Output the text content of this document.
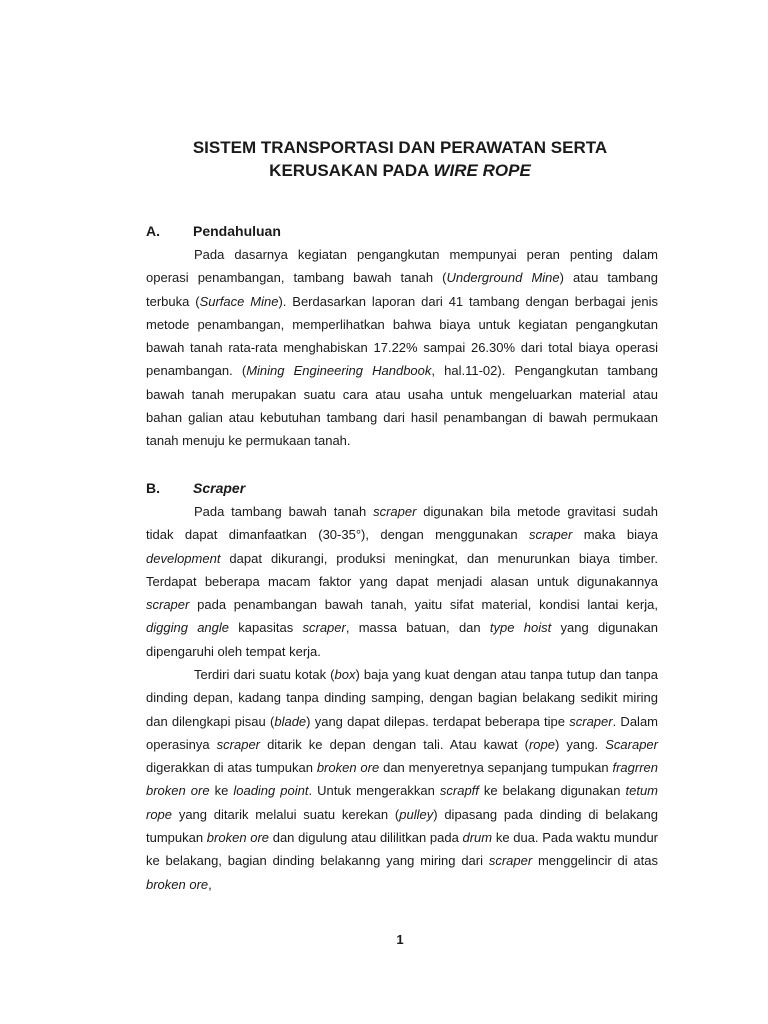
SISTEM TRANSPORTASI DAN PERAWATAN SERTA
KERUSAKAN PADA WIRE ROPE
A. Pendahuluan
Pada dasarnya kegiatan pengangkutan mempunyai peran penting dalam operasi penambangan, tambang bawah tanah (Underground Mine) atau tambang terbuka (Surface Mine). Berdasarkan laporan dari 41 tambang dengan berbagai jenis metode penambangan, memperlihatkan bahwa biaya untuk kegiatan pengangkutan bawah tanah rata-rata menghabiskan 17.22% sampai 26.30% dari total biaya operasi penambangan. (Mining Engineering Handbook, hal.11-02). Pengangkutan tambang bawah tanah merupakan suatu cara atau usaha untuk mengeluarkan material atau bahan galian atau kebutuhan tambang dari hasil penambangan di bawah permukaan tanah menuju ke permukaan tanah.
B. Scraper
Pada tambang bawah tanah scraper digunakan bila metode gravitasi sudah tidak dapat dimanfaatkan (30-35°), dengan menggunakan scraper maka biaya development dapat dikurangi, produksi meningkat, dan menurunkan biaya timber. Terdapat beberapa macam faktor yang dapat menjadi alasan untuk digunakannya scraper pada penambangan bawah tanah, yaitu sifat material, kondisi lantai kerja, digging angle kapasitas scraper, massa batuan, dan type hoist yang digunakan dipengaruhi oleh tempat kerja.
Terdiri dari suatu kotak (box) baja yang kuat dengan atau tanpa tutup dan tanpa dinding depan, kadang tanpa dinding samping, dengan bagian belakang sedikit miring dan dilengkapi pisau (blade) yang dapat dilepas. terdapat beberapa tipe scraper. Dalam operasinya scraper ditarik ke depan dengan tali. Atau kawat (rope) yang. Scaraper digerakkan di atas tumpukan broken ore dan menyeretnya sepanjang tumpukan fragrren broken ore ke loading point. Untuk mengerakkan scrapff ke belakang digunakan tetum rope yang ditarik melalui suatu kerekan (pulley) dipasang pada dinding di belakang tumpukan broken ore dan digulung atau dililitkan pada drum ke dua. Pada waktu mundur ke belakang, bagian dinding belakanng yang miring dari scraper menggelincir di atas broken ore,
1
